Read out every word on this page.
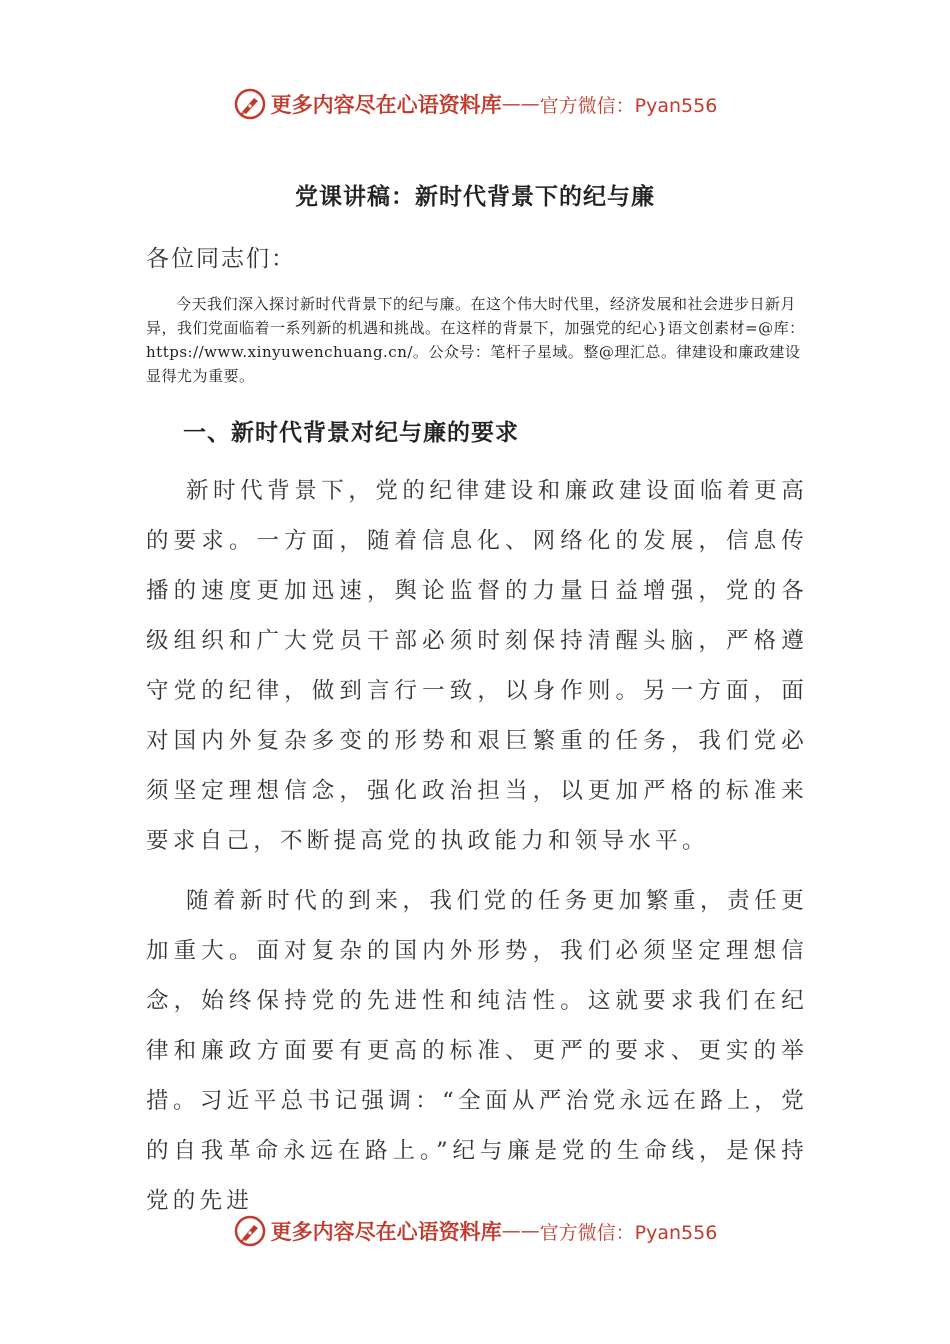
更多内容尽在心语资料库 —— 官方微信：Pyan556
党课讲稿：新时代背景下的纪与廉
各位同志们：
今天我们深入探讨新时代背景下的纪与廉。在这个伟大时代里，经济发展和社会进步日新月异，我们党面临着一系列新的机遇和挑战。在这样的背景下，加强党的纪心}语文创素材=@库：https://www.xinyuwenchuang.cn/。公众号：笔杆子星域。整@理汇总。律建设和廉政建设显得尤为重要。
一、新时代背景对纪与廉的要求
新时代背景下，党的纪律建设和廉政建设面临着更高的要求。一方面，随着信息化、网络化的发展，信息传播的速度更加迅速，舆论监督的力量日益增强，党的各级组织和广大党员干部必须时刻保持清醒头脑，严格遵守党的纪律，做到言行一致，以身作则。另一方面，面对国内外复杂多变的形势和艰巨繁重的任务，我们党必须坚定理想信念，强化政治担当，以更加严格的标准来要求自己，不断提高党的执政能力和领导水平。
随着新时代的到来，我们党的任务更加繁重，责任更加重大。面对复杂的国内外形势，我们必须坚定理想信念，始终保持党的先进性和纯洁性。这就要求我们在纪律和廉政方面要有更高的标准、更严的要求、更实的举措。习近平总书记强调：“全面从严治党永远在路上，党的自我革命永远在路上。”纪与廉是党的生命线，是保持党的先进
更多内容尽在心语资料库 —— 官方微信：Pyan556
